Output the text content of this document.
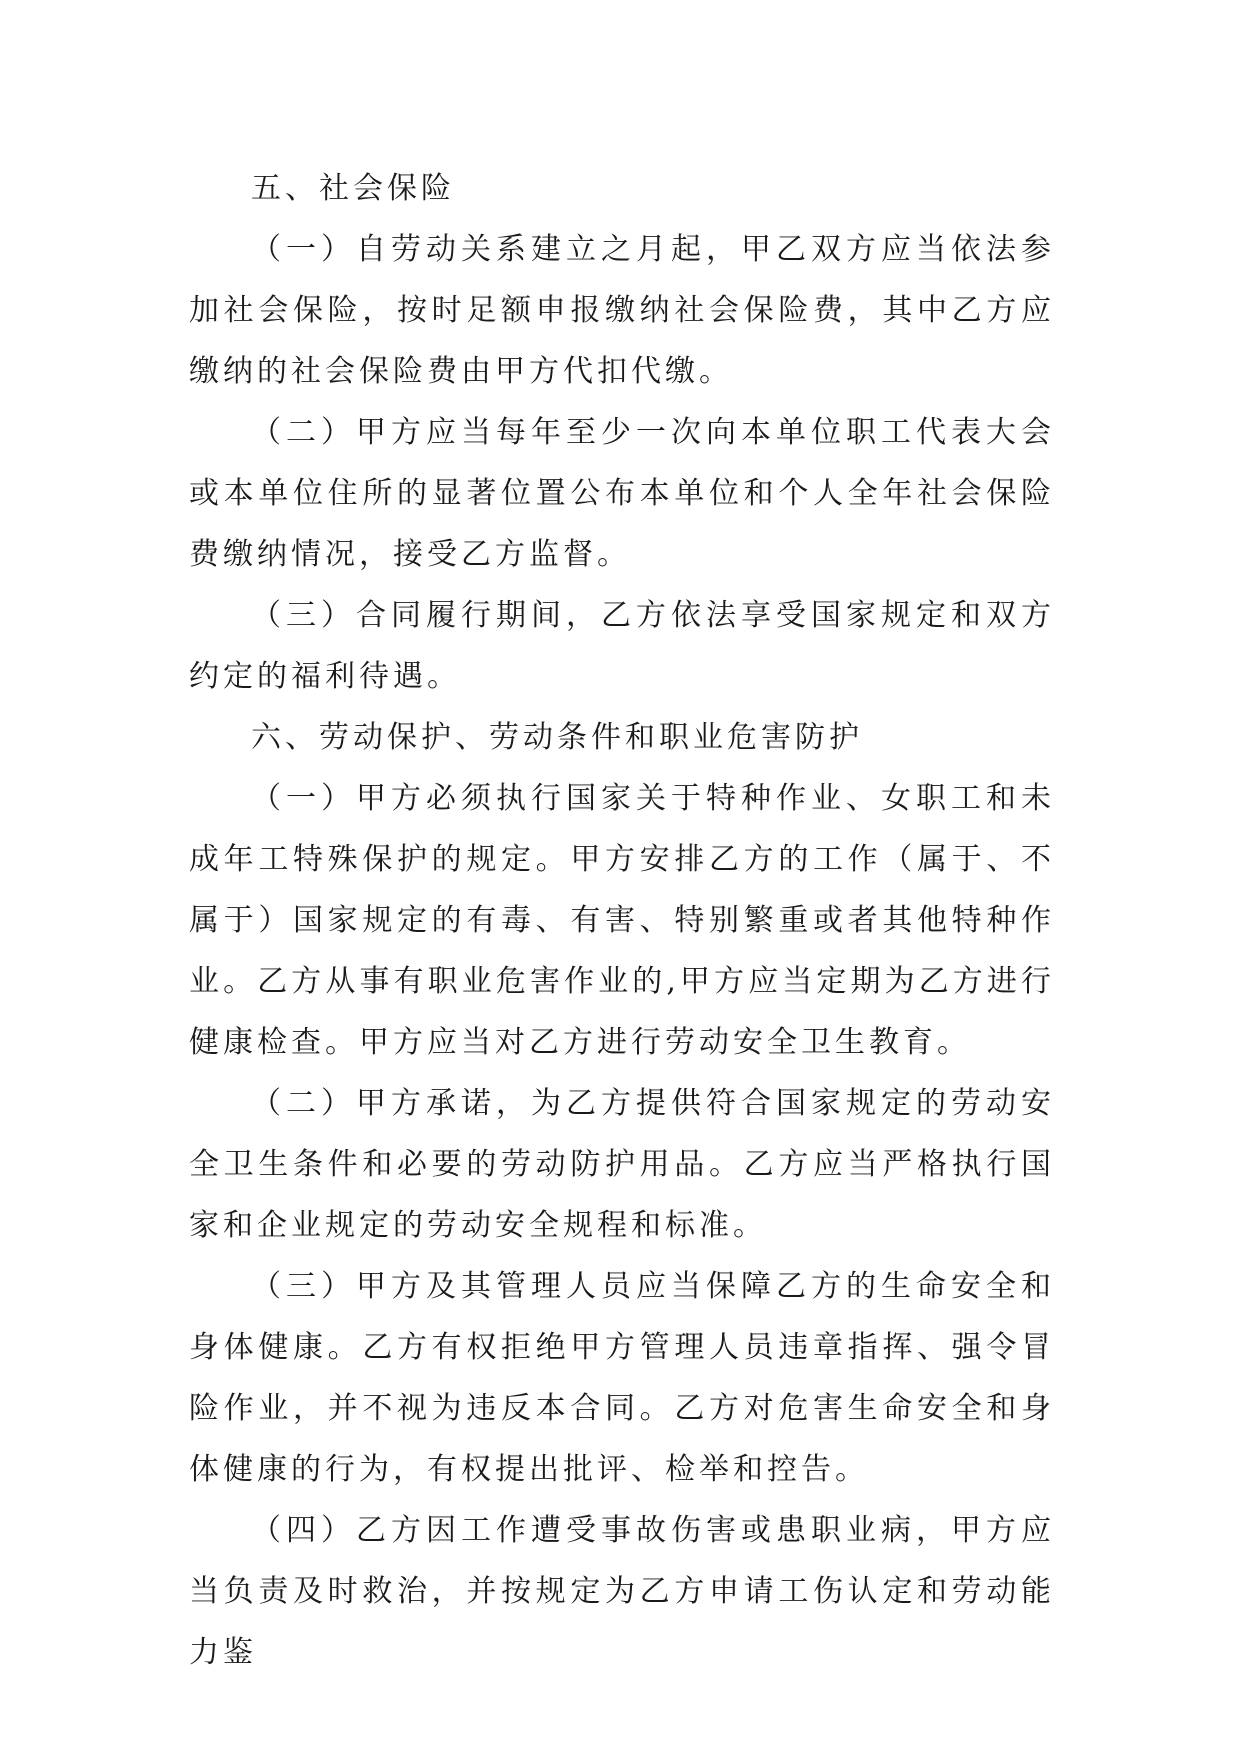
五、社会保险

（一）自劳动关系建立之月起，甲乙双方应当依法参加社会保险，按时足额申报缴纳社会保险费，其中乙方应缴纳的社会保险费由甲方代扣代缴。

（二）甲方应当每年至少一次向本单位职工代表大会或本单位住所的显著位置公布本单位和个人全年社会保险费缴纳情况，接受乙方监督。

（三）合同履行期间，乙方依法享受国家规定和双方约定的福利待遇。

六、劳动保护、劳动条件和职业危害防护

（一）甲方必须执行国家关于特种作业、女职工和未成年工特殊保护的规定。甲方安排乙方的工作（属于、不属于）国家规定的有毒、有害、特别繁重或者其他特种作业。乙方从事有职业危害作业的,甲方应当定期为乙方进行健康检查。甲方应当对乙方进行劳动安全卫生教育。

（二）甲方承诺，为乙方提供符合国家规定的劳动安全卫生条件和必要的劳动防护用品。乙方应当严格执行国家和企业规定的劳动安全规程和标准。

（三）甲方及其管理人员应当保障乙方的生命安全和身体健康。乙方有权拒绝甲方管理人员违章指挥、强令冒险作业，并不视为违反本合同。乙方对危害生命安全和身体健康的行为，有权提出批评、检举和控告。

（四）乙方因工作遭受事故伤害或患职业病，甲方应当负责及时救治，并按规定为乙方申请工伤认定和劳动能力鉴
